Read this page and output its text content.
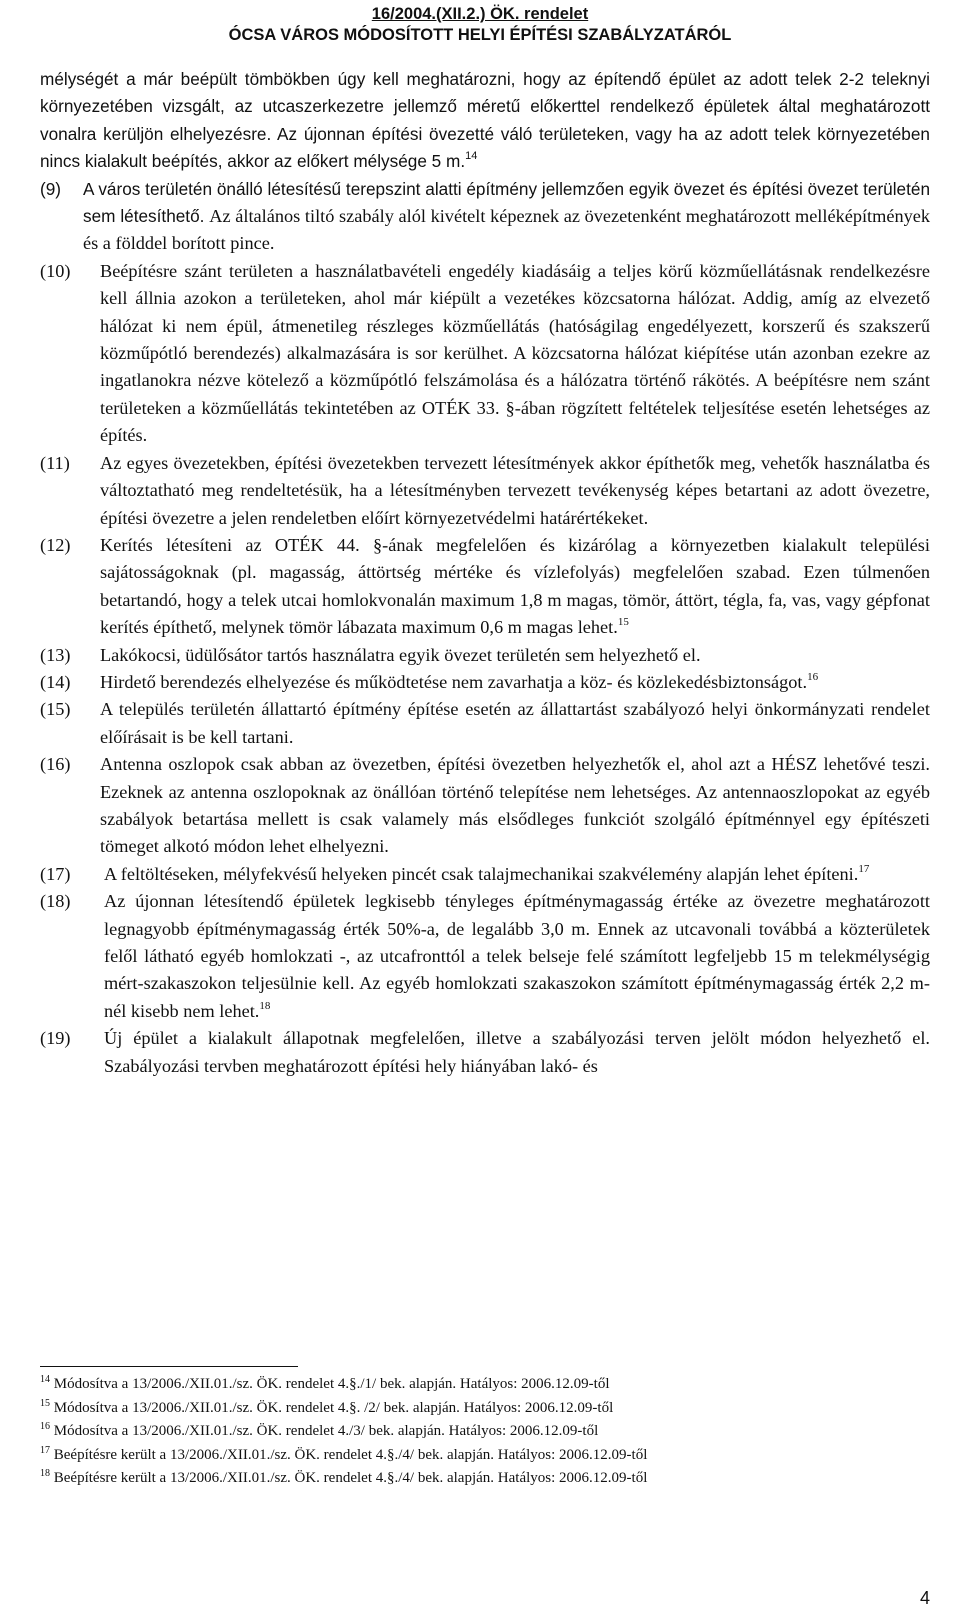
16/2004.(XII.2.) ÖK. rendelet
ÓCSA VÁROS MÓDOSÍTOTT HELYI ÉPÍTÉSI SZABÁLYZATÁRÓL

mélységét a már beépült tömbökben úgy kell meghatározni, hogy az építendő épület az adott telek 2-2 teleknyi környezetében vizsgált, az utcaszerkezetre jellemző méretű előkerttel rendelkező épületek által meghatározott vonalra kerüljön elhelyezésre. Az újonnan építési övezetté váló területeken, vagy ha az adott telek környezetében nincs kialakult beépítés, akkor az előkert mélysége 5 m.$^{14}$

(9) A város területén önálló létesítésű terepszint alatti építmény jellemzően egyik övezet és építési övezet területén sem létesíthető. Az általános tiltó szabály alól kivételt képeznek az övezetenként meghatározott melléképítmények és a földdel borított pince.

(10) Beépítésre szánt területen a használatbavételi engedély kiadásáig a teljes körű közműellátásnak rendelkezésre kell állnia azokon a területeken, ahol már kiépült a vezetékes közcsatorna hálózat. Addig, amíg az elvezető hálózat ki nem épül, átmenetileg részleges közműellátás (hatóságilag engedélyezett, korszerű és szakszerű közműpótló berendezés) alkalmazására is sor kerülhet. A közcsatorna hálózat kiépítése után azonban ezekre az ingatlanokra nézve kötelező a közműpótló felszámolása és a hálózatra történő rákötés. A beépítésre nem szánt területeken a közműellátás tekintetében az OTÉK 33. §-ában rögzített feltételek teljesítése esetén lehetséges az építés.

(11) Az egyes övezetekben, építési övezetekben tervezett létesítmények akkor építhetők meg, vehetők használatba és változtatható meg rendeltetésük, ha a létesítményben tervezett tevékenység képes betartani az adott övezetre, építési övezetre a jelen rendeletben előírt környezetvédelmi határértékeket.

(12) Kerítés létesíteni az OTÉK 44. §-ának megfelelően és kizárólag a környezetben kialakult települési sajátosságoknak (pl. magasság, áttörtség mértéke és vízlefolyás) megfelelően szabad. Ezen túlmenően betartandó, hogy a telek utcai homlokvonalán maximum 1,8 m magas, tömör, áttört, tégla, fa, vas, vagy gépfonat kerítés építhető, melynek tömör lábazata maximum 0,6 m magas lehet.$^{15}$

(13) Lakókocsi, üdülősátor tartós használatra egyik övezet területén sem helyezhető el.

(14) Hirdető berendezés elhelyezése és működtetése nem zavarhatja a köz- és közlekedésbiztonságot.$^{16}$

(15) A település területén állattartó építmény építése esetén az állattartást szabályozó helyi önkormányzati rendelet előírásait is be kell tartani.

(16) Antenna oszlopok csak abban az övezetben, építési övezetben helyezhetők el, ahol azt a HÉSZ lehetővé teszi. Ezeknek az antenna oszlopoknak az önállóan történő telepítése nem lehetséges. Az antennaoszlopokat az egyéb szabályok betartása mellett is csak valamely más elsődleges funkciót szolgáló építménnyel egy építészeti tömeget alkotó módon lehet elhelyezni.

(17) A feltöltéseken, mélyfekvésű helyeken pincét csak talajmechanikai szakvélemény alapján lehet építeni.$^{17}$

(18) Az újonnan létesítendő épületek legkisebb tényleges építménymagasság értéke az övezetre meghatározott legnagyobb építménymagasság érték 50%-a, de legalább 3,0 m. Ennek az utcavonali továbbá a közterületek felől látható egyéb homlokzati -, az utcafronttól a telek belseje felé számított legfeljebb 15 m telekmélységig mért-szakaszokon teljesülnie kell. Az egyéb homlokzati szakaszokon számított építménymagasság érték 2,2 m-nél kisebb nem lehet.$^{18}$

(19) Új épület a kialakult állapotnak megfelelően, illetve a szabályozási terven jelölt módon helyezhető el. Szabályozási tervben meghatározott építési hely hiányában lakó- és

$^{14}$ Módosítva a 13/2006./XII.01./sz. ÖK. rendelet 4.§./1/ bek. alapján. Hatályos: 2006.12.09-től

$^{15}$ Módosítva a 13/2006./XII.01./sz. ÖK. rendelet 4.§. /2/ bek. alapján. Hatályos: 2006.12.09-től

$^{16}$ Módosítva a 13/2006./XII.01./sz. ÖK. rendelet 4./3/ bek. alapján. Hatályos: 2006.12.09-től

$^{17}$ Beépítésre került a 13/2006./XII.01./sz. ÖK. rendelet 4.§./4/ bek. alapján. Hatályos: 2006.12.09-től

$^{18}$ Beépítésre került a 13/2006./XII.01./sz. ÖK. rendelet 4.§./4/ bek. alapján. Hatályos: 2006.12.09-től

4
